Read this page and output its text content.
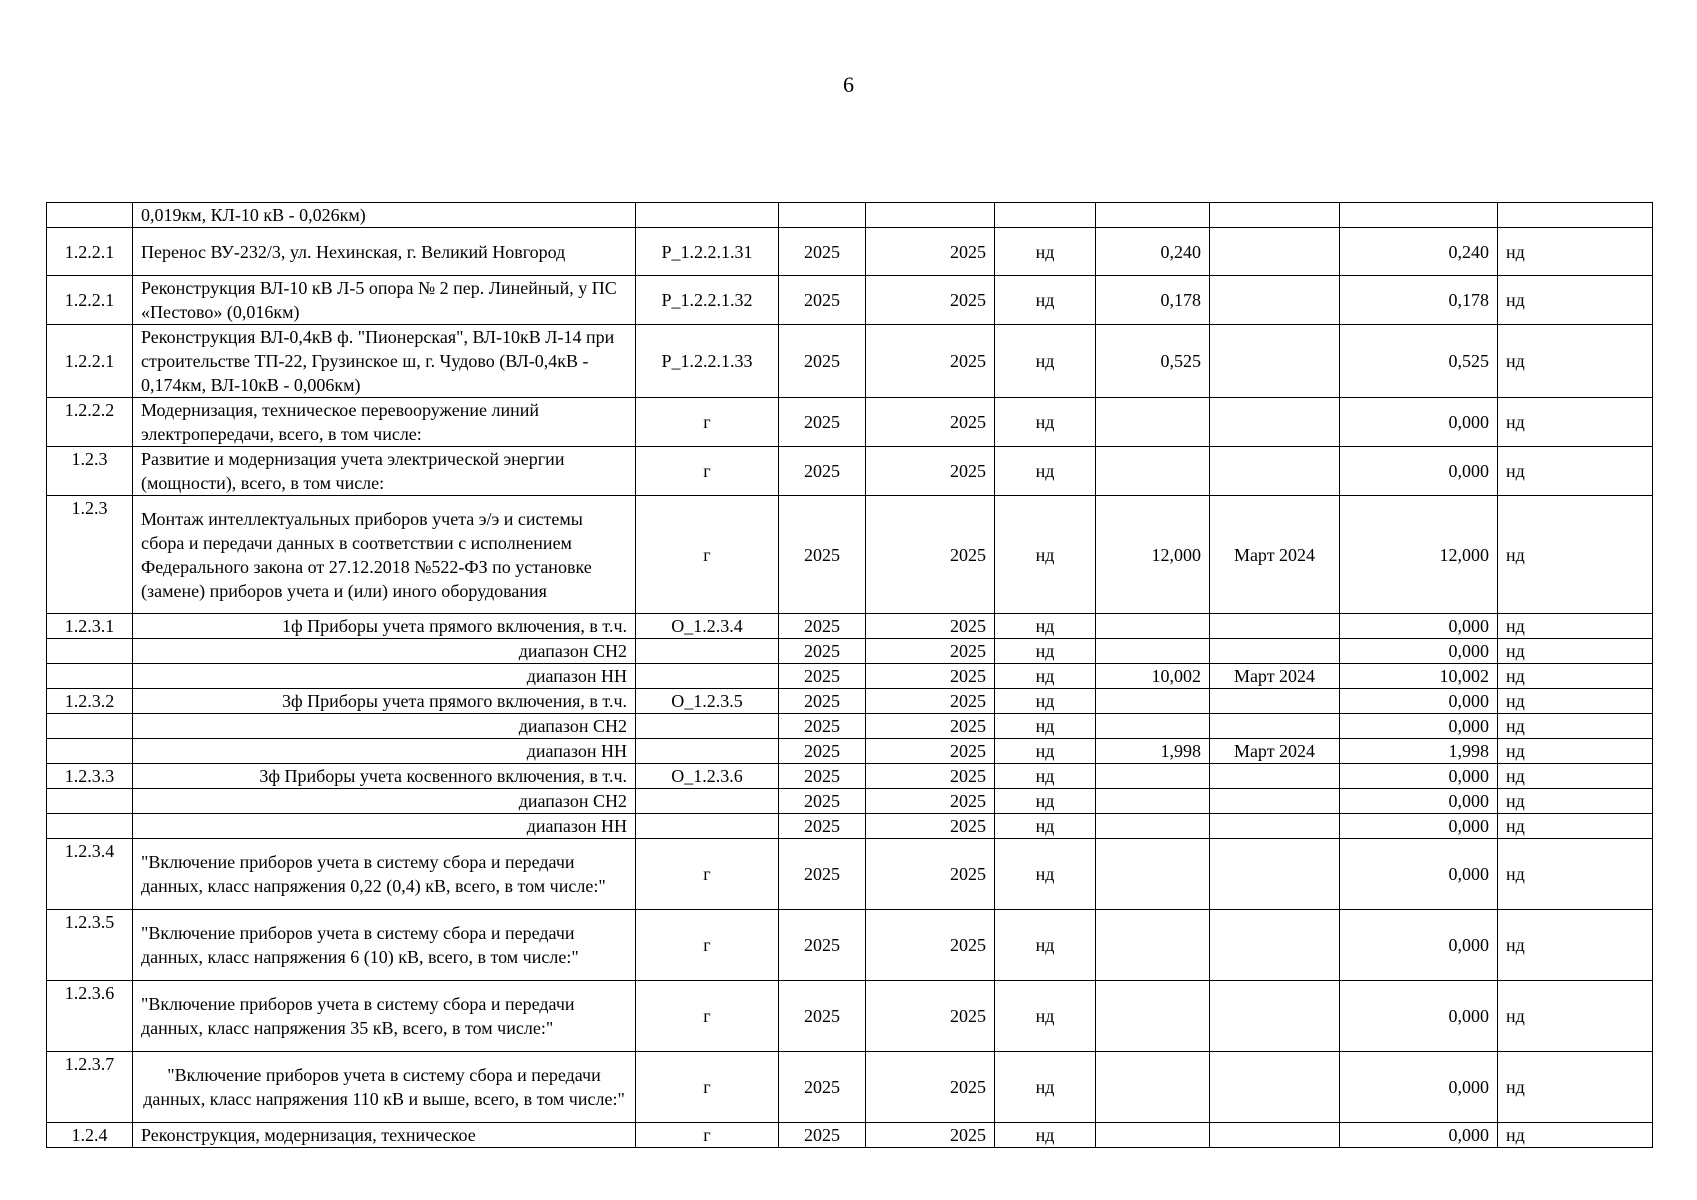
6
	0,019км, КЛ-10 кВ - 0,026км)								
1.2.2.1	Перенос ВУ-232/3, ул. Нехинская, г. Великий Новгород	Р_1.2.2.1.31	2025	2025	нд	0,240		0,240	нд
1.2.2.1	Реконструкция ВЛ-10 кВ Л-5 опора № 2 пер. Линейный, у ПС «Пестово» (0,016км)	Р_1.2.2.1.32	2025	2025	нд	0,178		0,178	нд
1.2.2.1	Реконструкция ВЛ-0,4кВ ф. "Пионерская", ВЛ-10кВ Л-14 при строительстве ТП-22, Грузинское ш, г. Чудово (ВЛ-0,4кВ - 0,174км, ВЛ-10кВ - 0,006км)	Р_1.2.2.1.33	2025	2025	нд	0,525		0,525	нд
1.2.2.2	Модернизация, техническое перевооружение линий электропередачи, всего, в том числе:	г	2025	2025	нд			0,000	нд
1.2.3	Развитие и модернизация учета электрической энергии (мощности), всего, в том числе:	г	2025	2025	нд			0,000	нд
1.2.3	Монтаж интеллектуальных приборов учета э/э и системы сбора и передачи данных в соответствии с исполнением Федерального закона от 27.12.2018 №522-ФЗ по установке (замене) приборов учета и (или) иного оборудования	г	2025	2025	нд	12,000	Март 2024	12,000	нд
1.2.3.1	1ф Приборы учета прямого включения, в т.ч.	О_1.2.3.4	2025	2025	нд			0,000	нд
	диапазон СН2		2025	2025	нд			0,000	нд
	диапазон НН		2025	2025	нд	10,002	Март 2024	10,002	нд
1.2.3.2	3ф Приборы учета прямого включения, в т.ч.	О_1.2.3.5	2025	2025	нд			0,000	нд
	диапазон СН2		2025	2025	нд			0,000	нд
	диапазон НН		2025	2025	нд	1,998	Март 2024	1,998	нд
1.2.3.3	3ф Приборы учета косвенного включения, в т.ч.	О_1.2.3.6	2025	2025	нд			0,000	нд
	диапазон СН2		2025	2025	нд			0,000	нд
	диапазон НН		2025	2025	нд			0,000	нд
1.2.3.4	"Включение приборов учета в систему сбора и передачи данных, класс напряжения 0,22 (0,4) кВ, всего, в том числе:"	г	2025	2025	нд			0,000	нд
1.2.3.5	"Включение приборов учета в систему сбора и передачи данных, класс напряжения 6 (10) кВ, всего, в том числе:"	г	2025	2025	нд			0,000	нд
1.2.3.6	"Включение приборов учета в систему сбора и передачи данных, класс напряжения 35 кВ, всего, в том числе:"	г	2025	2025	нд			0,000	нд
1.2.3.7	"Включение приборов учета в систему сбора и передачи данных, класс напряжения 110 кВ и выше, всего, в том числе:"	г	2025	2025	нд			0,000	нд
1.2.4	Реконструкция, модернизация, техническое	г	2025	2025	нд			0,000	нд
